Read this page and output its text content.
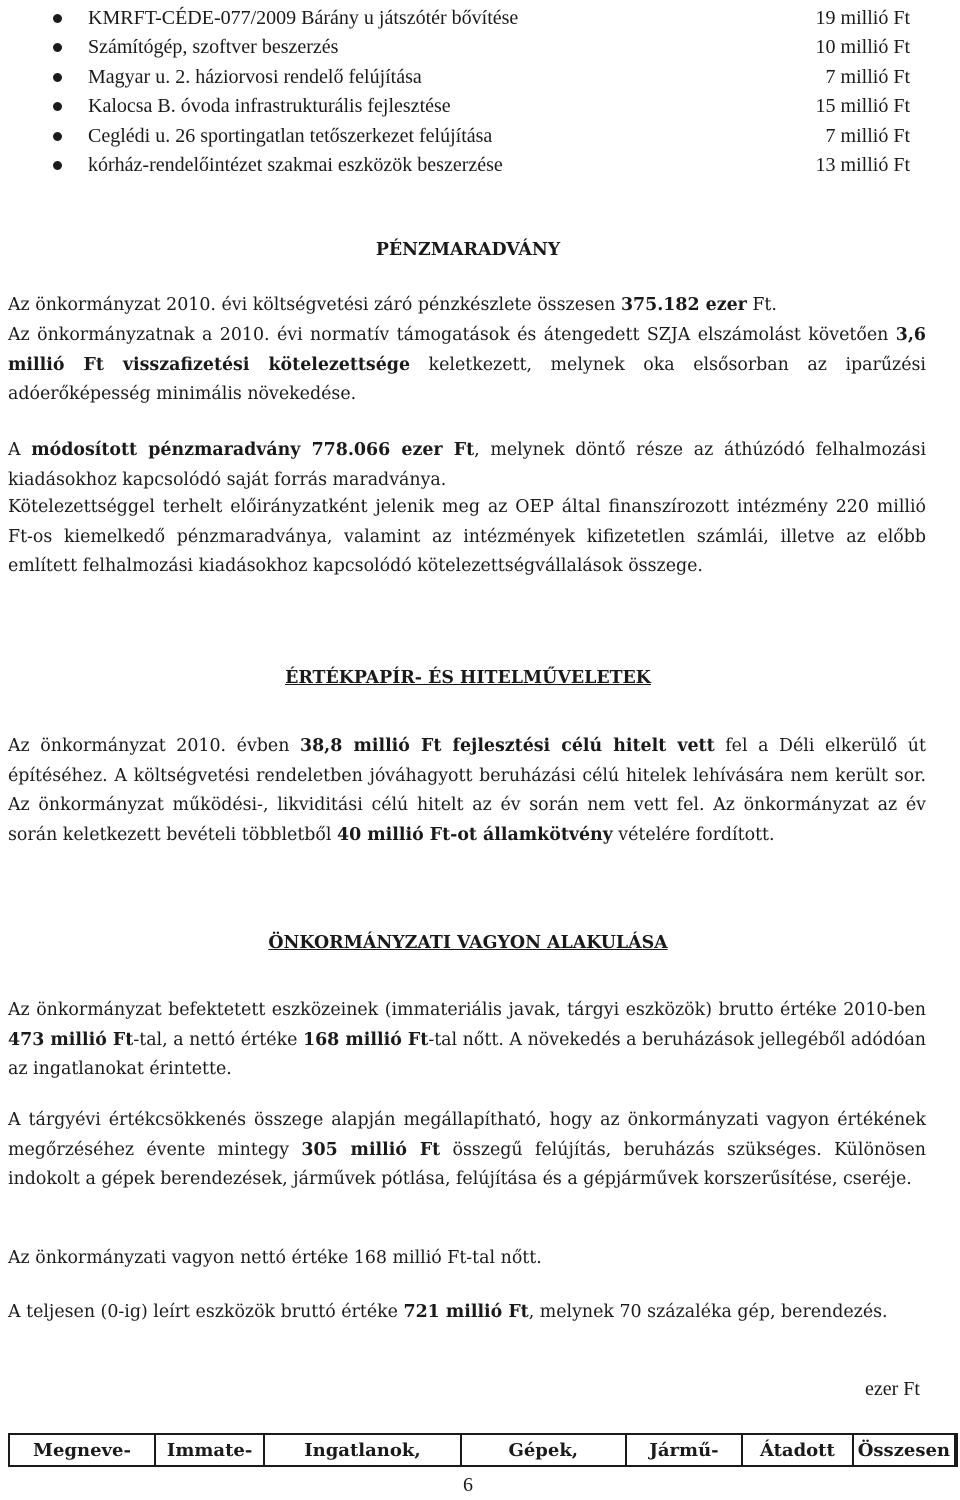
KMRFT-CÉDE-077/2009 Bárány u játszótér bővítése	19 millió Ft
Számítógép, szoftver beszerzés	10 millió Ft
Magyar u. 2. háziorvosi rendelő felújítása	7 millió Ft
Kalocsa B. óvoda infrastrukturális fejlesztése	15 millió Ft
Ceglédi u. 26 sportingatlan tetőszerkezet felújítása	7 millió Ft
kórház-rendelőintézet szakmai eszközök beszerzése	13 millió Ft
PÉNZMARADVÁNY

Az önkormányzat 2010. évi költségvetési záró pénzkészlete összesen 375.182 ezer Ft.

Az önkormányzatnak a 2010. évi normatív támogatások és átengedett SZJA elszámolást követően 3,6 millió Ft visszafizetési kötelezettsége keletkezett, melynek oka elsősorban az iparűzési adóerőképesség minimális növekedése.

A módosított pénzmaradvány 778.066 ezer Ft, melynek döntő része az áthúzódó felhalmozási kiadásokhoz kapcsolódó saját forrás maradványa.

Kötelezettséggel terhelt előirányzatként jelenik meg az OEP által finanszírozott intézmény 220 millió Ft-os kiemelkedő pénzmaradványa, valamint az intézmények kifizetetlen számlái, illetve az előbb említett felhalmozási kiadásokhoz kapcsolódó kötelezettségvállalások összege.

ÉRTÉKPAPÍR- ÉS HITELMŰVELETEK

Az önkormányzat 2010. évben 38,8 millió Ft fejlesztési célú hitelt vett fel a Déli elkerülő út építéséhez. A költségvetési rendeletben jóváhagyott beruházási célú hitelek lehívására nem került sor. Az önkormányzat működési-, likviditási célú hitelt az év során nem vett fel. Az önkormányzat az év során keletkezett bevételi többletből 40 millió Ft-ot államkötvény vételére fordított.

ÖNKORMÁNYZATI VAGYON ALAKULÁSA

Az önkormányzat befektetett eszközeinek (immateriális javak, tárgyi eszközök) brutto értéke 2010-ben 473 millió Ft-tal, a nettó értéke 168 millió Ft-tal nőtt. A növekedés a beruházások jellegéből adódóan az ingatlanokat érintette.

A tárgyévi értékcsökkenés összege alapján megállapítható, hogy az önkormányzati vagyon értékének megőrzéséhez évente mintegy 305 millió Ft összegű felújítás, beruházás szükséges. Különösen indokolt a gépek berendezések, járművek pótlása, felújítása és a gépjárművek korszerűsítése, cseréje.

Az önkormányzati vagyon nettó értéke 168 millió Ft-tal nőtt.

A teljesen (0-ig) leírt eszközök bruttó értéke 721 millió Ft, melynek 70 százaléka gép, berendezés.

ezer Ft
Megneve-	Immate-	Ingatlanok,	Gépek,	Jármű-	Átadott	Összesen
6
